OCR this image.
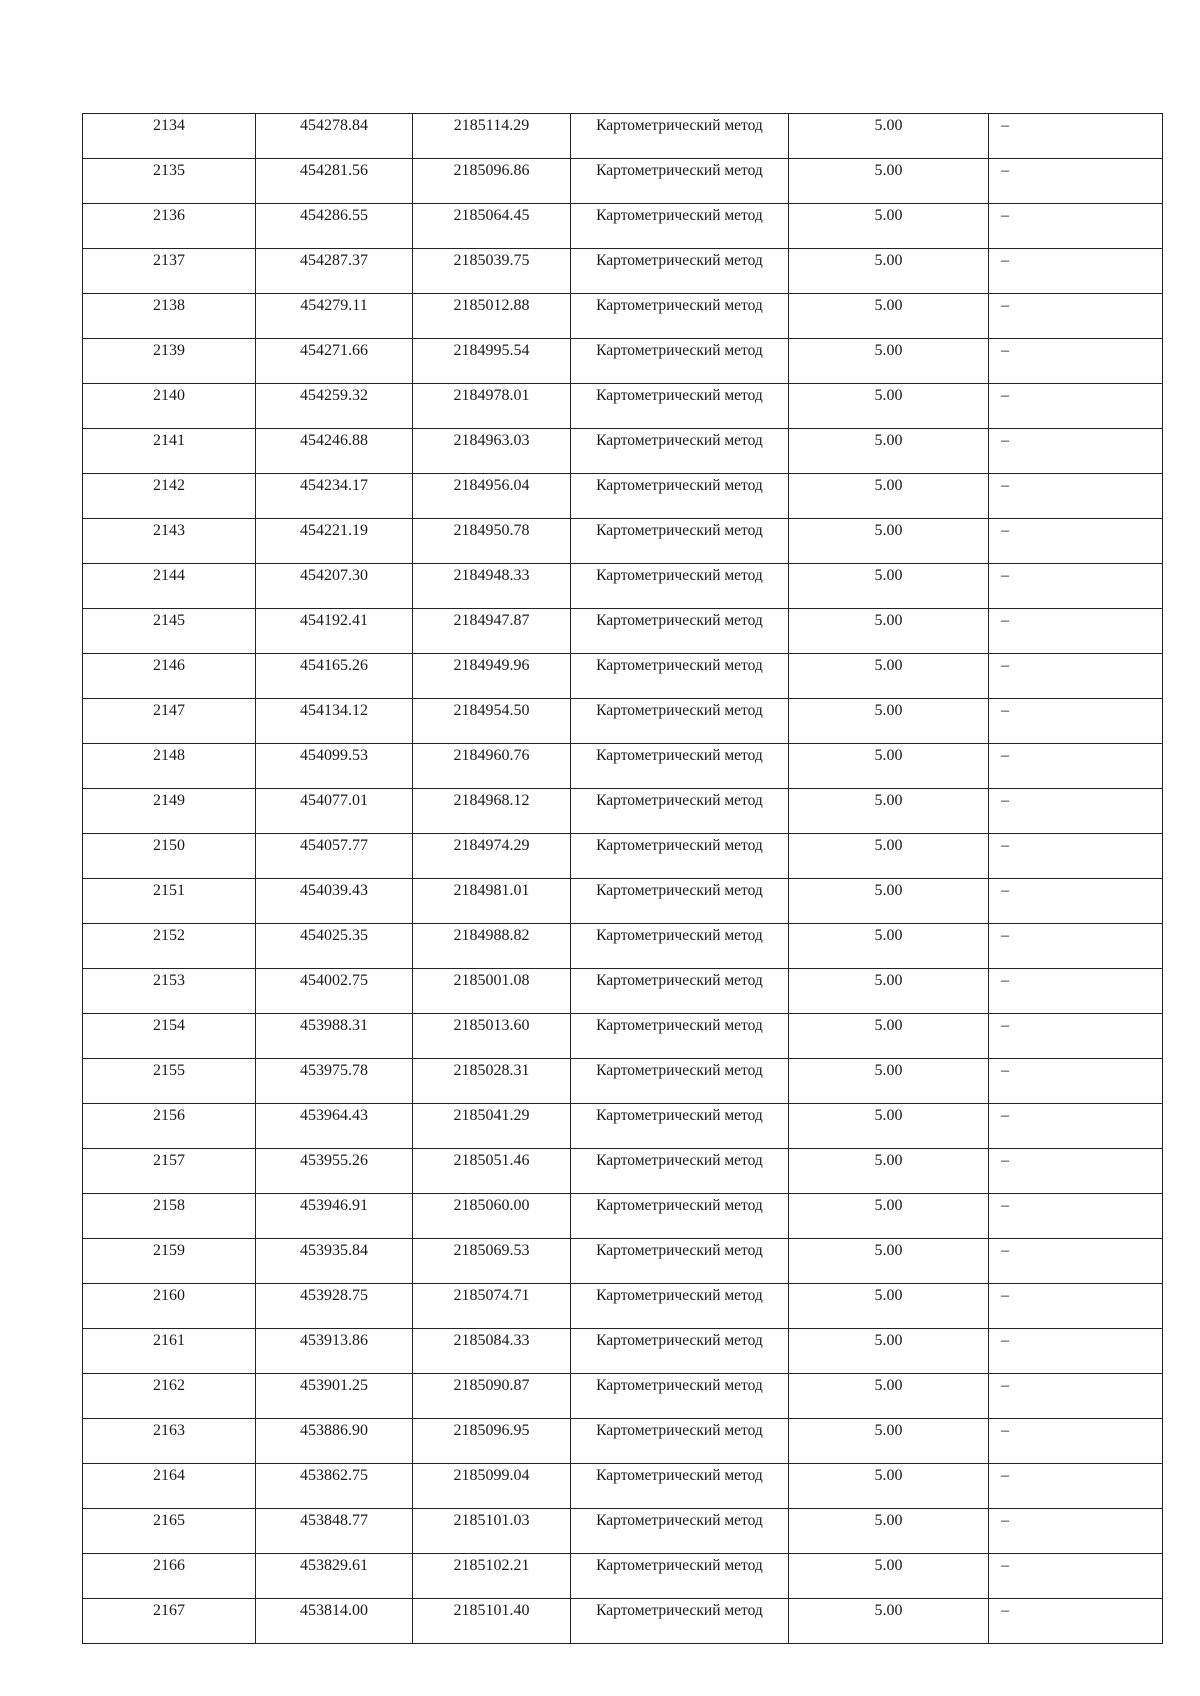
2134	454278.84	2185114.29	Картометрический метод	5.00	–
2135	454281.56	2185096.86	Картометрический метод	5.00	–
2136	454286.55	2185064.45	Картометрический метод	5.00	–
2137	454287.37	2185039.75	Картометрический метод	5.00	–
2138	454279.11	2185012.88	Картометрический метод	5.00	–
2139	454271.66	2184995.54	Картометрический метод	5.00	–
2140	454259.32	2184978.01	Картометрический метод	5.00	–
2141	454246.88	2184963.03	Картометрический метод	5.00	–
2142	454234.17	2184956.04	Картометрический метод	5.00	–
2143	454221.19	2184950.78	Картометрический метод	5.00	–
2144	454207.30	2184948.33	Картометрический метод	5.00	–
2145	454192.41	2184947.87	Картометрический метод	5.00	–
2146	454165.26	2184949.96	Картометрический метод	5.00	–
2147	454134.12	2184954.50	Картометрический метод	5.00	–
2148	454099.53	2184960.76	Картометрический метод	5.00	–
2149	454077.01	2184968.12	Картометрический метод	5.00	–
2150	454057.77	2184974.29	Картометрический метод	5.00	–
2151	454039.43	2184981.01	Картометрический метод	5.00	–
2152	454025.35	2184988.82	Картометрический метод	5.00	–
2153	454002.75	2185001.08	Картометрический метод	5.00	–
2154	453988.31	2185013.60	Картометрический метод	5.00	–
2155	453975.78	2185028.31	Картометрический метод	5.00	–
2156	453964.43	2185041.29	Картометрический метод	5.00	–
2157	453955.26	2185051.46	Картометрический метод	5.00	–
2158	453946.91	2185060.00	Картометрический метод	5.00	–
2159	453935.84	2185069.53	Картометрический метод	5.00	–
2160	453928.75	2185074.71	Картометрический метод	5.00	–
2161	453913.86	2185084.33	Картометрический метод	5.00	–
2162	453901.25	2185090.87	Картометрический метод	5.00	–
2163	453886.90	2185096.95	Картометрический метод	5.00	–
2164	453862.75	2185099.04	Картометрический метод	5.00	–
2165	453848.77	2185101.03	Картометрический метод	5.00	–
2166	453829.61	2185102.21	Картометрический метод	5.00	–
2167	453814.00	2185101.40	Картометрический метод	5.00	–
